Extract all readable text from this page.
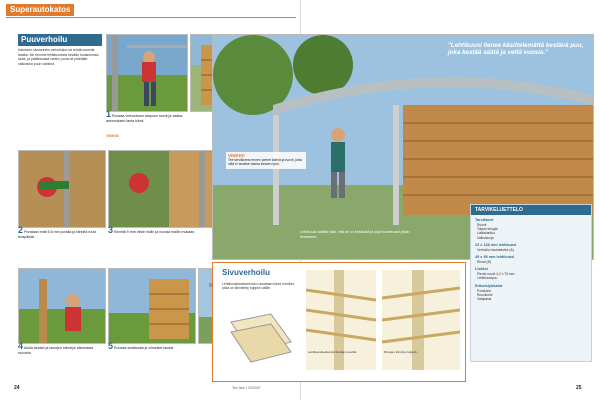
Superautokatos
Puuverhoilu
Katoksen sivuseinien verhoiluksi voi tehdä monella tavalla. Me teimme lehtikuusesta kevään tuotannossa lauta- ja päällelautaa varten, josta ne pidetään valkoisina puun värisinä.
1 Ruuvaa verhouksen alapuun ruuvit ja vaaka-asennuksen lauta kiinni.
VINKKI!
2 Porataan reiät 5,5 mm poralla ja kiinnitä ruuvi terapäistä.
3 Kiinnitä 9 mm viiste ristiin ja ruuvaa mallin mukaan.
4 Aloita laudan ja lautojen kiinnitys alimmasta ruuvista.
5 Ruuvaa sisälaudat ja viimeiset laudat.
"Lehtikuusi lienee käsittelemättä kestävä puu, joka kestää säätä ja vettä vuosia."
VINKKI!
Tee tarvikkeesi ennen pienet kahvit ja ruuvit, jotta niitä ei tarvitse hakea kesken työn.
Lehtikuusi valittiin siksi, että se on kestävää ja sopii luontevasti pihan ilmeeseen.
Sivuverhoilu
Lehtikuusilautaverhoilu ruuvataan kiinni rimoihin, jotka on kiinnitetty tolppiin välille.
Lehtikuusilaudat kiinnitetään ruuvilla.	Rimojen kiinnitys tolppiin.
TARVIKELUETTELO
Tarvikkeet
Ruuvit
Tolpan kengät
Lattiakarkku
Valkoisuoja
23 x 138 mm lehtikuusi
Verhoilun lautatarvike (A)
45 x 95 mm lehtikuusi
Rimat (B)
Lisäksi
Pienet ruuvit 4,2 x 75 mm
Lehtikuusipuu
Erikoistyökalut
Porakone
Ruuvikone
Vatupassi
24	Tee Itse • 10/2007	25
